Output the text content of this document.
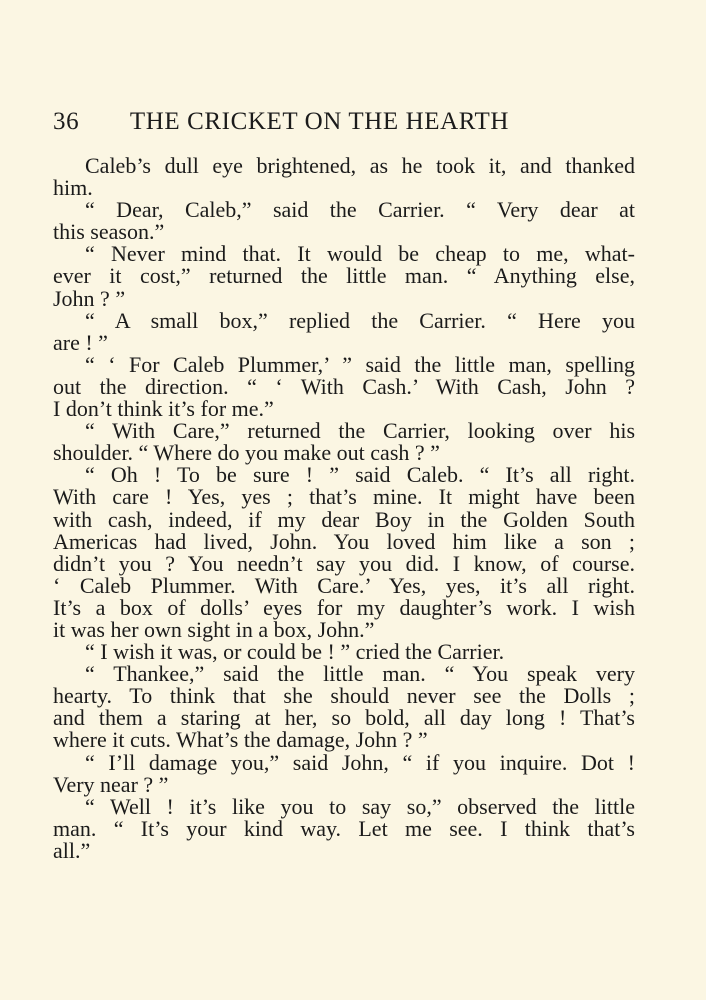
36 THE CRICKET ON THE HEARTH
Caleb’s dull eye brightened, as he took it, and thanked
him.
“ Dear, Caleb,” said the Carrier. “ Very dear at
this season.”
“ Never mind that. It would be cheap to me, what-
ever it cost,” returned the little man. “ Anything else,
John ? ”
“ A small box,” replied the Carrier. “ Here you
are ! ”
“ ‘ For Caleb Plummer,’ ” said the little man, spelling
out the direction. “ ‘ With Cash.’ With Cash, John ?
I don’t think it’s for me.”
“ With Care,” returned the Carrier, looking over his
shoulder. “ Where do you make out cash ? ”
“ Oh ! To be sure ! ” said Caleb. “ It’s all right.
With care ! Yes, yes ; that’s mine. It might have been
with cash, indeed, if my dear Boy in the Golden South
Americas had lived, John. You loved him like a son ;
didn’t you ? You needn’t say you did. I know, of course.
‘ Caleb Plummer. With Care.’ Yes, yes, it’s all right.
It’s a box of dolls’ eyes for my daughter’s work. I wish
it was her own sight in a box, John.”
“ I wish it was, or could be ! ” cried the Carrier.
“ Thankee,” said the little man. “ You speak very
hearty. To think that she should never see the Dolls ;
and them a staring at her, so bold, all day long ! That’s
where it cuts. What’s the damage, John ? ”
“ I’ll damage you,” said John, “ if you inquire. Dot !
Very near ? ”
“ Well ! it’s like you to say so,” observed the little
man. “ It’s your kind way. Let me see. I think that’s
all.”
